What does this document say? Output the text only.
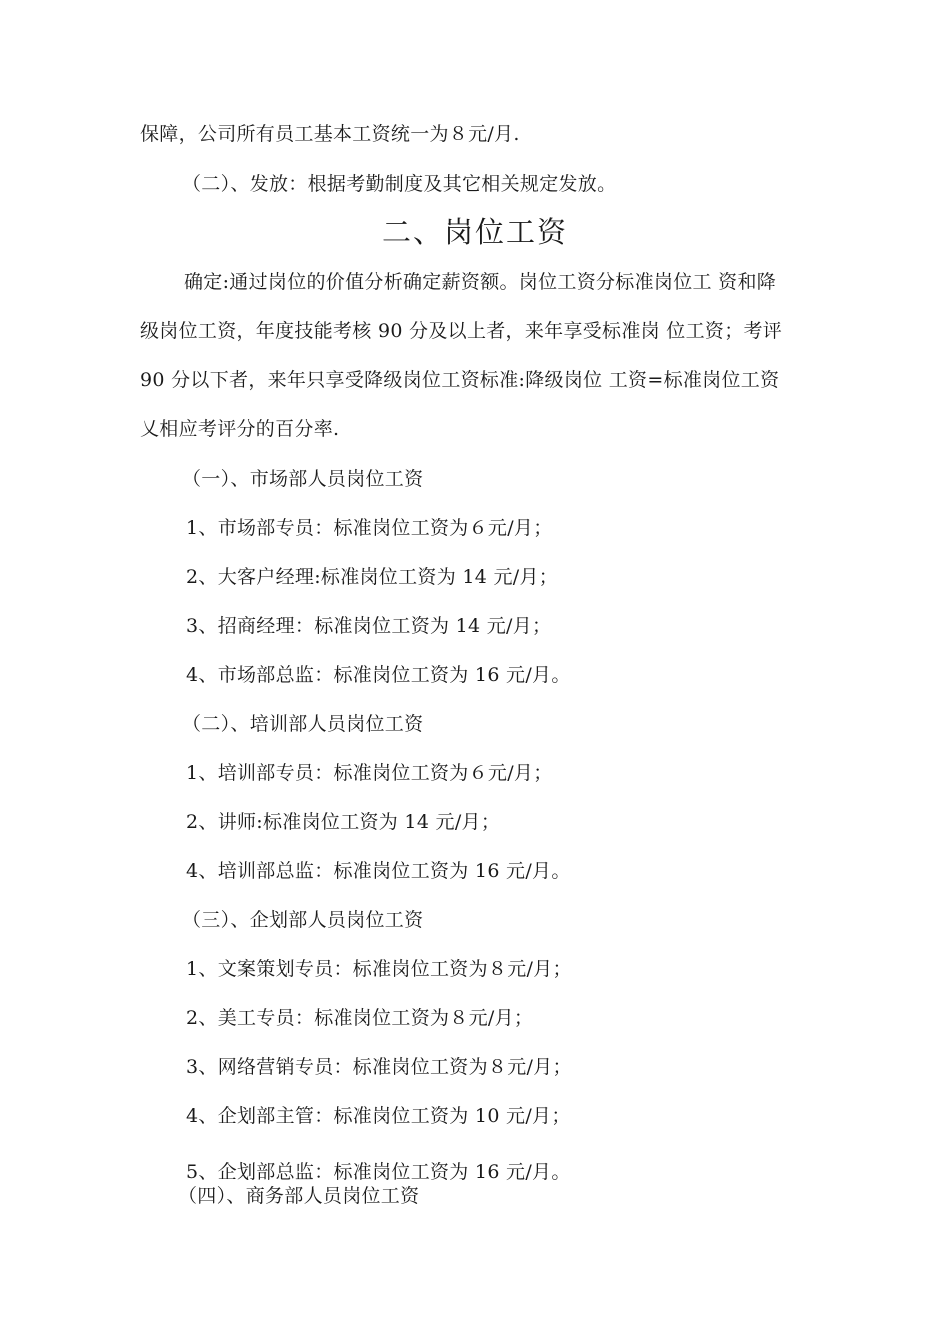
保障，公司所有员工基本工资统一为８元/月.
（二）、发放：根据考勤制度及其它相关规定发放。
二、岗位工资
确定:通过岗位的价值分析确定薪资额。岗位工资分标准岗位工 资和降
级岗位工资，年度技能考核 90 分及以上者，来年享受标准岗 位工资；考评
90 分以下者，来年只享受降级岗位工资标准:降级岗位 工资=标准岗位工资
乂相应考评分的百分率.
（一）、市场部人员岗位工资
1、市场部专员：标准岗位工资为６元/月；
2、大客户经理:标准岗位工资为 14 元/月；
3、招商经理：标准岗位工资为 14 元/月；
4、市场部总监：标准岗位工资为 16 元/月。
（二）、培训部人员岗位工资
1、培训部专员：标准岗位工资为６元/月；
2、讲师:标准岗位工资为 14 元/月；
4、培训部总监：标准岗位工资为 16 元/月。
（三）、企划部人员岗位工资
1、文案策划专员：标准岗位工资为８元/月；
2、美工专员：标准岗位工资为８元/月；
3、网络营销专员：标准岗位工资为８元/月；
4、企划部主管：标准岗位工资为 10 元/月；
5、企划部总监：标准岗位工资为 16 元/月。
（四）、商务部人员岗位工资
